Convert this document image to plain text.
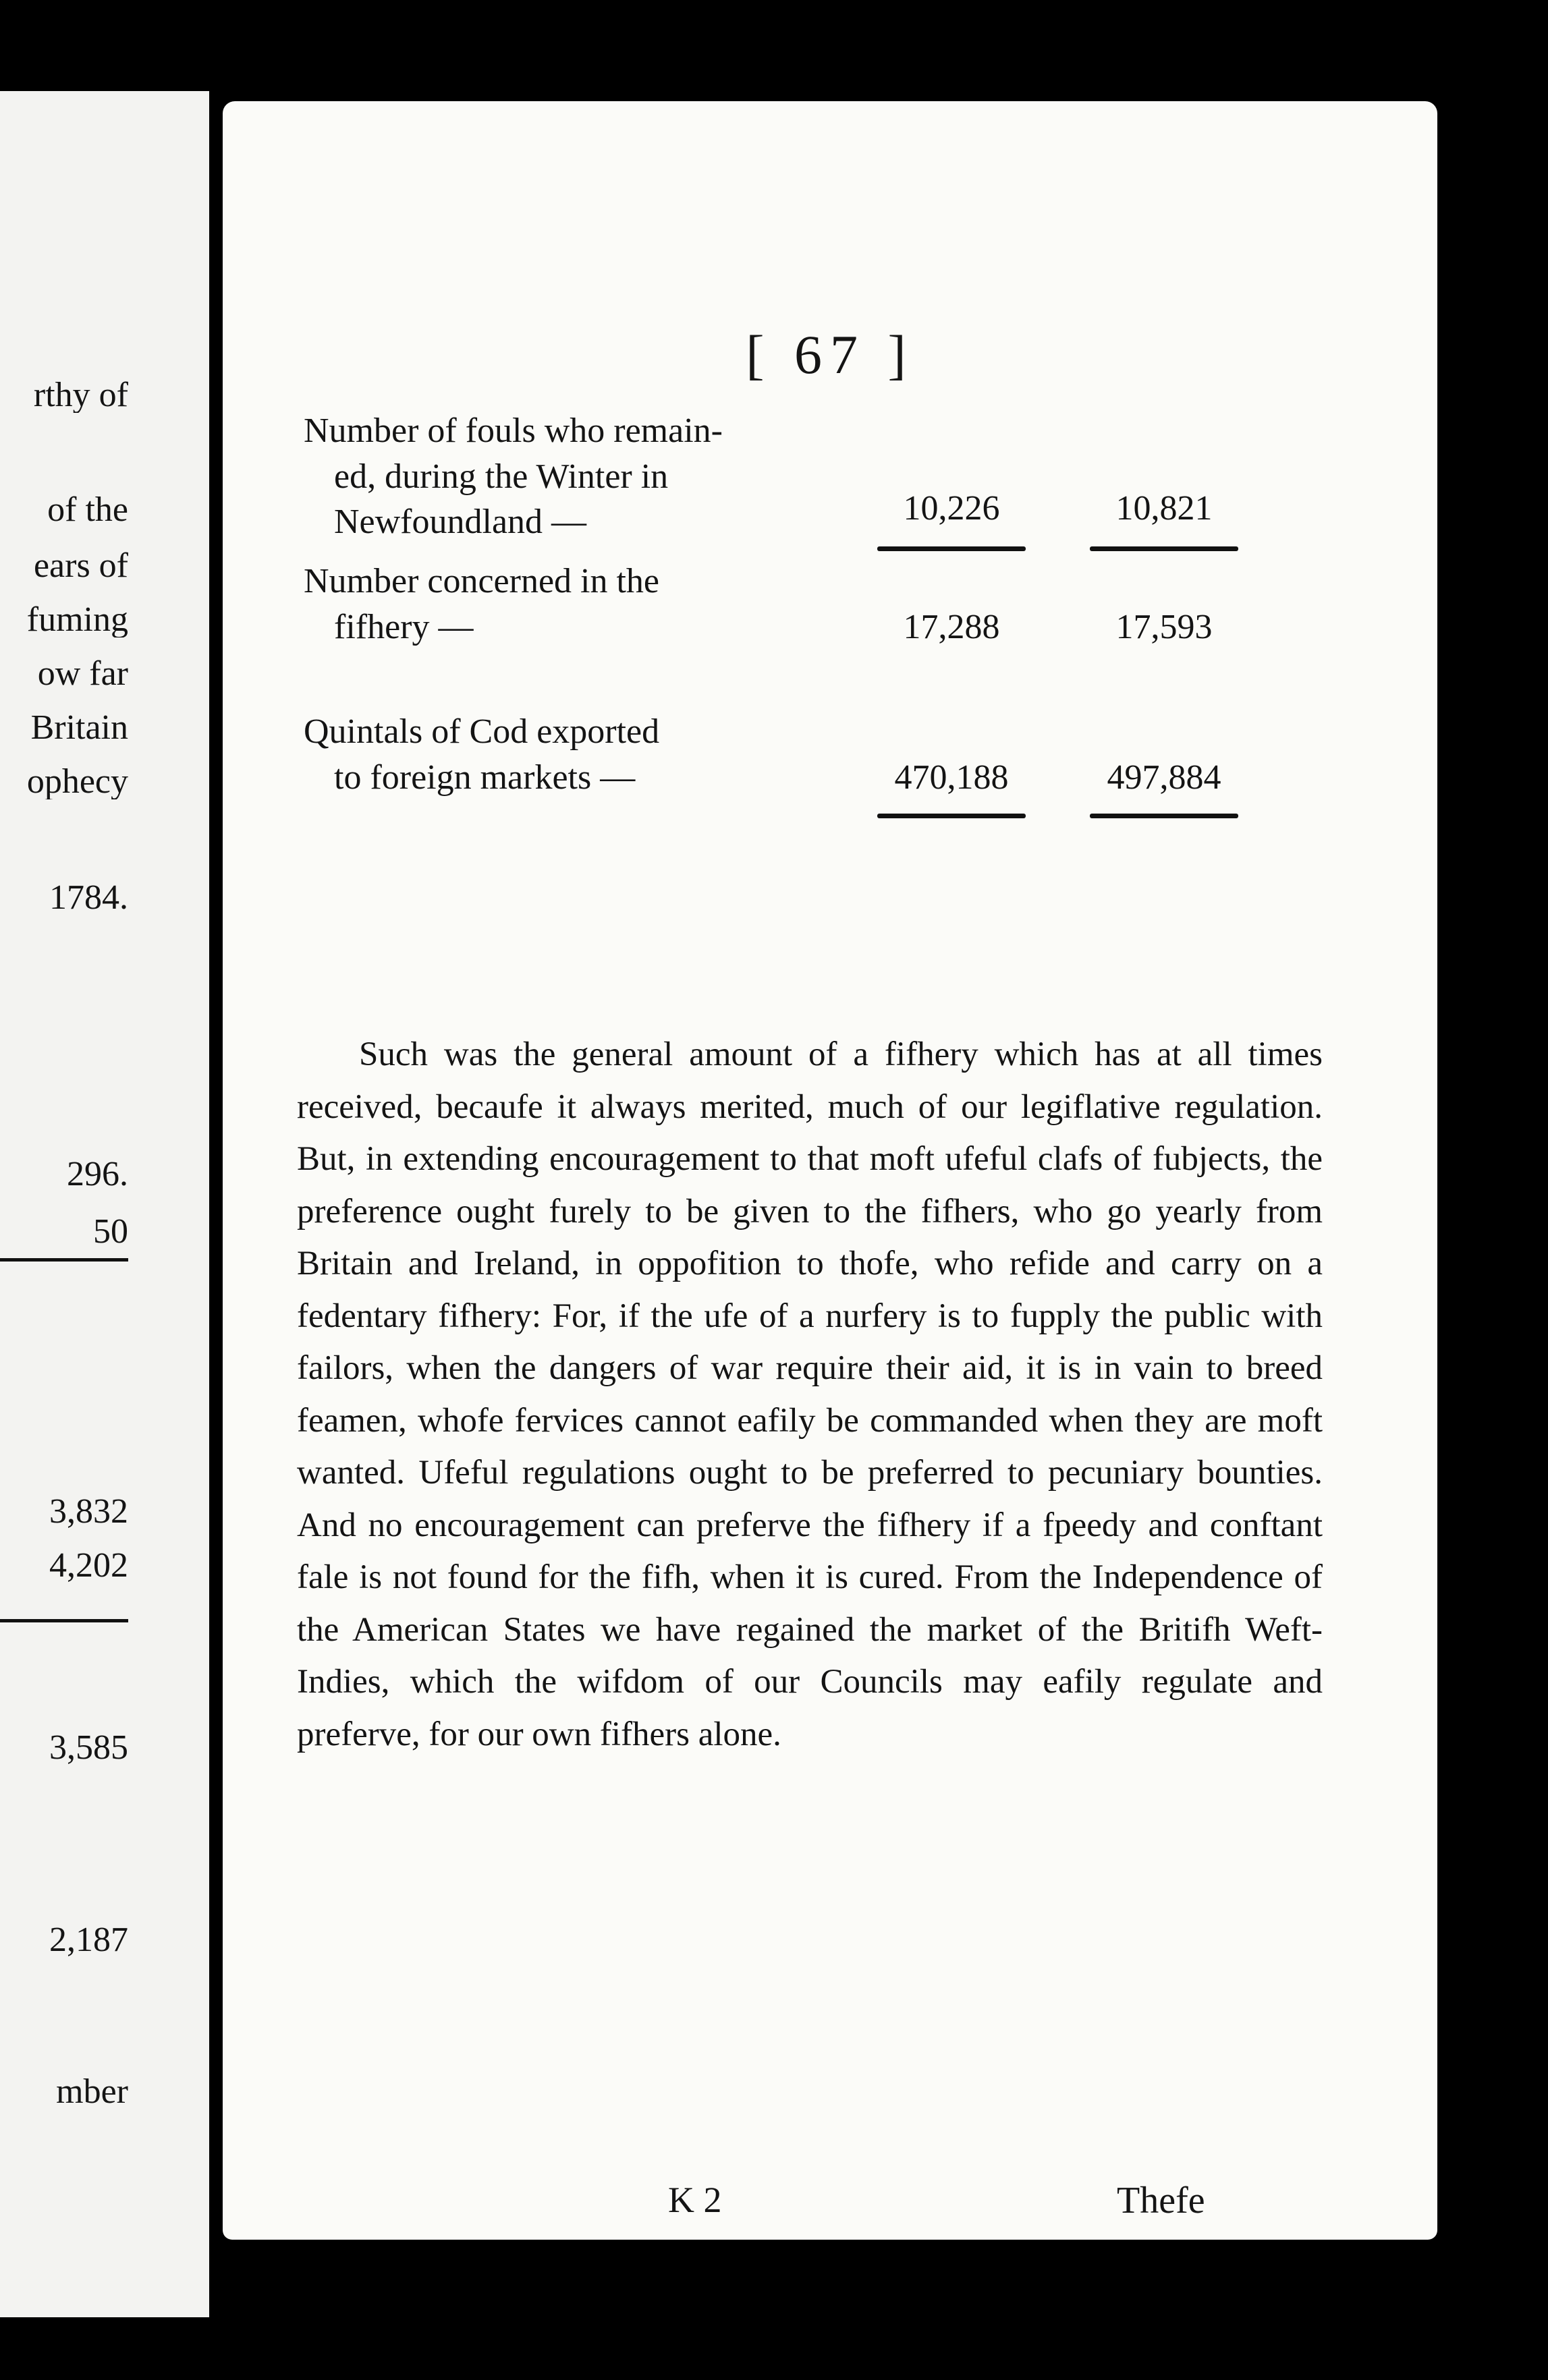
rthy of
of the
ears of
fuming
ow far
Britain
ophecy
1784.
296.
50
3,832
4,202
3,585
2,187
mber
[ 67 ]

Number of fouls who remain-

ed, during the Winter in

Newfoundland —	10,226	10,821

Number concerned in the

fifhery —	17,288	17,593

Quintals of Cod exported

to foreign markets —	470,188	497,884

Such was the general amount of a fifhery which has at all times received, becaufe it always merited, much of our legiflative regulation. But, in extending encouragement to that moft ufeful clafs of fubjects, the preference ought furely to be given to the fifhers, who go yearly from Britain and Ireland, in oppofition to thofe, who refide and carry on a fedentary fifhery: For, if the ufe of a nurfery is to fupply the public with failors, when the dangers of war require their aid, it is in vain to breed feamen, whofe fervices cannot eafily be commanded when they are moft wanted. Ufeful regulations ought to be preferred to pecuniary bounties. And no encouragement can preferve the fifhery if a fpeedy and conftant fale is not found for the fifh, when it is cured. From the Independence of the American States we have regained the market of the Britifh Weft-Indies, which the wifdom of our Councils may eafily regulate and preferve, for our own fifhers alone.

K 2	Thefe
